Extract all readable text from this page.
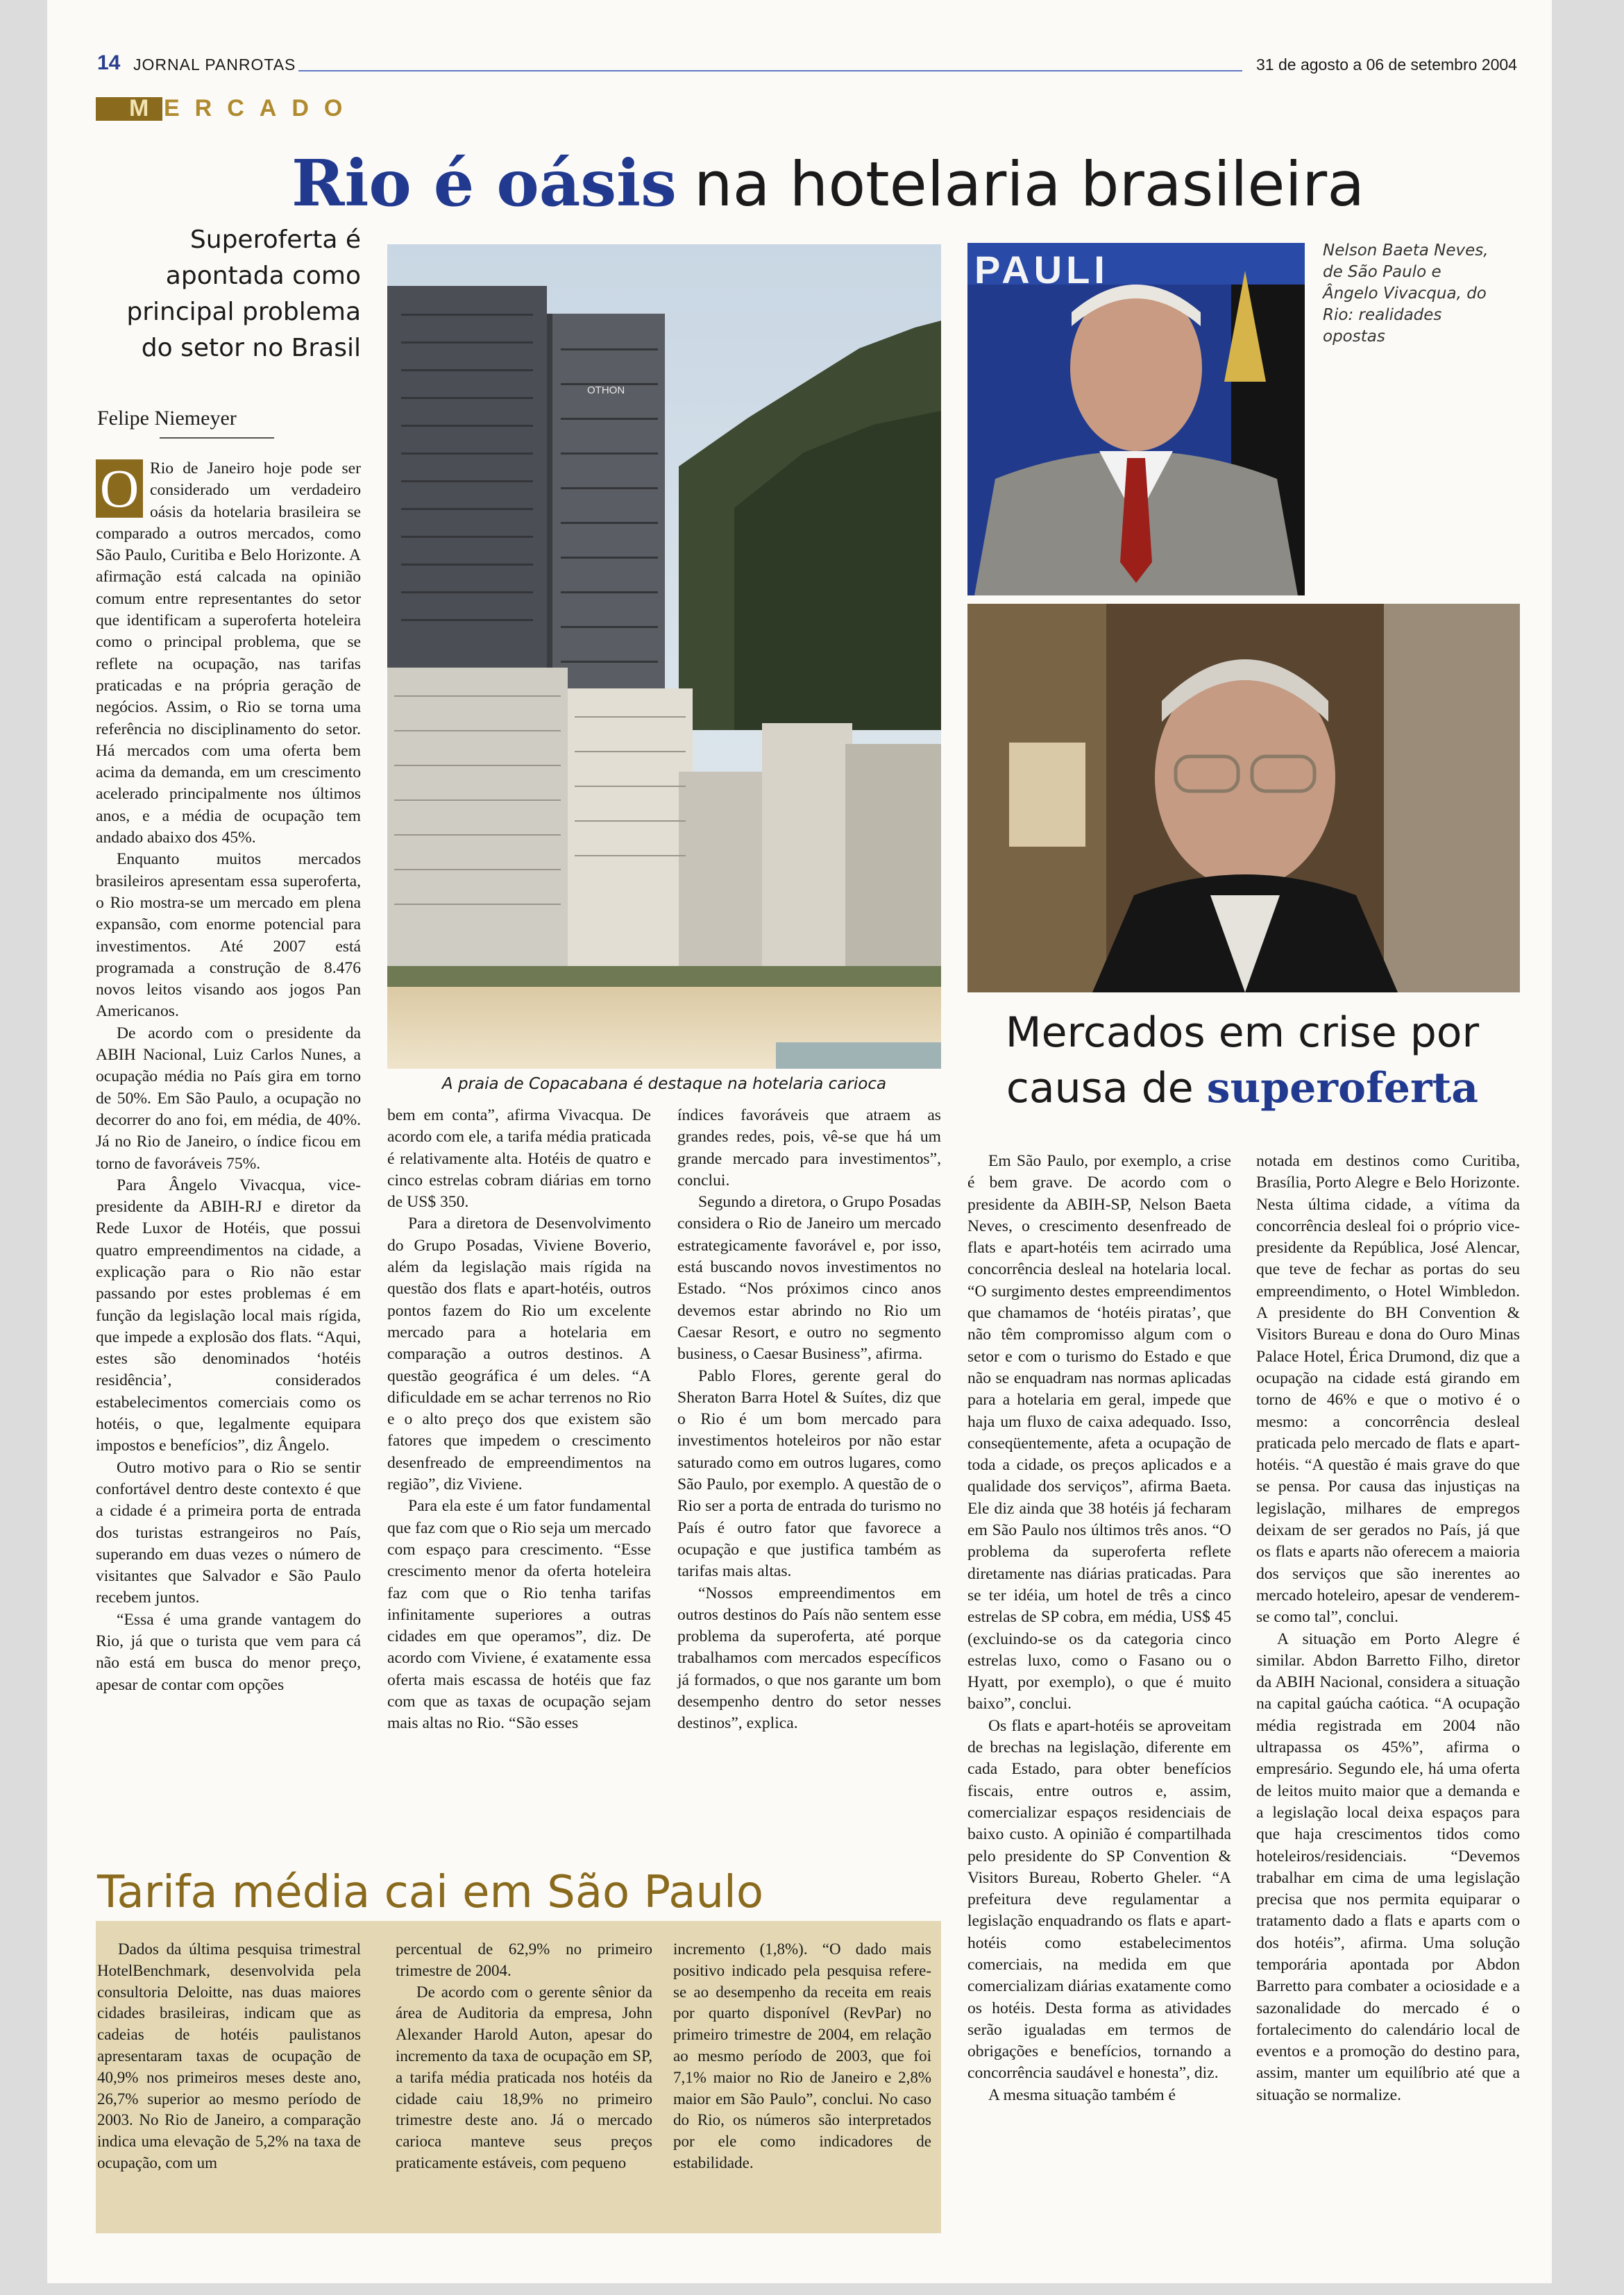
14 JORNAL PANROTAS	31 de agosto a 06 de setembro 2004
M ERCADO
Rio é oásis na hotelaria brasileira
Superoferta é apontada como principal problema do setor no Brasil
Felipe Niemeyer
O Rio de Janeiro hoje pode ser considerado um verdadeiro oásis da hotelaria brasileira se comparado a outros mercados, como São Paulo, Curitiba e Belo Horizonte. A afirmação está calcada na opinião comum entre representantes do setor que identificam a superoferta hoteleira como o principal problema, que se reflete na ocupação, nas tarifas praticadas e na própria geração de negócios. Assim, o Rio se torna uma referência no disciplinamento do setor. Há mercados com uma oferta bem acima da demanda, em um crescimento acelerado principalmente nos últimos anos, e a média de ocupação tem andado abaixo dos 45%.

Enquanto muitos mercados brasileiros apresentam essa superoferta, o Rio mostra-se um mercado em plena expansão, com enorme potencial para investimentos. Até 2007 está programada a construção de 8.476 novos leitos visando aos jogos Pan Americanos.

De acordo com o presidente da ABIH Nacional, Luiz Carlos Nunes, a ocupação média no País gira em torno de 50%. Em São Paulo, a ocupação no decorrer do ano foi, em média, de 40%. Já no Rio de Janeiro, o índice ficou em torno de favoráveis 75%.

Para Ângelo Vivacqua, vice-presidente da ABIH-RJ e diretor da Rede Luxor de Hotéis, que possui quatro empreendimentos na cidade, a explicação para o Rio não estar passando por estes problemas é em função da legislação local mais rígida, que impede a explosão dos flats. “Aqui, estes são denominados ‘hotéis residência’, considerados estabelecimentos comerciais como os hotéis, o que, legalmente equipara impostos e benefícios”, diz Ângelo.

Outro motivo para o Rio se sentir confortável dentro deste contexto é que a cidade é a primeira porta de entrada dos turistas estrangeiros no País, superando em duas vezes o número de visitantes que Salvador e São Paulo recebem juntos.

“Essa é uma grande vantagem do Rio, já que o turista que vem para cá não está em busca do menor preço, apesar de contar com opções

OTHON
A praia de Copacabana é destaque na hotelaria carioca

bem em conta”, afirma Vivacqua. De acordo com ele, a tarifa média praticada é relativamente alta. Hotéis de quatro e cinco estrelas cobram diárias em torno de US$ 350.

Para a diretora de Desenvolvimento do Grupo Posadas, Viviene Boverio, além da legislação mais rígida na questão dos flats e apart-hotéis, outros pontos fazem do Rio um excelente mercado para a hotelaria em comparação a outros destinos. A questão geográfica é um deles. “A dificuldade em se achar terrenos no Rio e o alto preço dos que existem são fatores que impedem o crescimento desenfreado de empreendimentos na região”, diz Viviene.

Para ela este é um fator fundamental que faz com que o Rio seja um mercado com espaço para crescimento. “Esse crescimento menor da oferta hoteleira faz com que o Rio tenha tarifas infinitamente superiores a outras cidades em que operamos”, diz. De acordo com Viviene, é exatamente essa oferta mais escassa de hotéis que faz com que as taxas de ocupação sejam mais altas no Rio. “São esses

índices favoráveis que atraem as grandes redes, pois, vê-se que há um grande mercado para investimentos”, conclui.

Segundo a diretora, o Grupo Posadas considera o Rio de Janeiro um mercado estrategicamente favorável e, por isso, está buscando novos investimentos no Estado. “Nos próximos cinco anos devemos estar abrindo no Rio um Caesar Resort, e outro no segmento business, o Caesar Business”, afirma.

Pablo Flores, gerente geral do Sheraton Barra Hotel & Suítes, diz que o Rio é um bom mercado para investimentos hoteleiros por não estar saturado como em outros lugares, como São Paulo, por exemplo. A questão de o Rio ser a porta de entrada do turismo no País é outro fator que favorece a ocupação e que justifica também as tarifas mais altas.

“Nossos empreendimentos em outros destinos do País não sentem esse problema da superoferta, até porque trabalhamos com mercados específicos já formados, o que nos garante um bom desempenho dentro do setor nesses destinos”, explica.

PAULI	Nelson Baeta Neves, de São Paulo e Ângelo Vivacqua, do Rio: realidades opostas
Mercados em crise por
causa de superoferta

Em São Paulo, por exemplo, a crise é bem grave. De acordo com o presidente da ABIH-SP, Nelson Baeta Neves, o crescimento desenfreado de flats e apart-hotéis tem acirrado uma concorrência desleal na hotelaria local. “O surgimento destes empreendimentos que chamamos de ‘hotéis piratas’, que não têm compromisso algum com o setor e com o turismo do Estado e que não se enquadram nas normas aplicadas para a hotelaria em geral, impede que haja um fluxo de caixa adequado. Isso, conseqüentemente, afeta a ocupação de toda a cidade, os preços aplicados e a qualidade dos serviços”, afirma Baeta. Ele diz ainda que 38 hotéis já fecharam em São Paulo nos últimos três anos. “O problema da superoferta reflete diretamente nas diárias praticadas. Para se ter idéia, um hotel de três a cinco estrelas de SP cobra, em média, US$ 45 (excluindo-se os da categoria cinco estrelas luxo, como o Fasano ou o Hyatt, por exemplo), o que é muito baixo”, conclui.

Os flats e apart-hotéis se aproveitam de brechas na legislação, diferente em cada Estado, para obter benefícios fiscais, entre outros e, assim, comercializar espaços residenciais de baixo custo. A opinião é compartilhada pelo presidente do SP Convention & Visitors Bureau, Roberto Gheler. “A prefeitura deve regulamentar a legislação enquadrando os flats e apart-hotéis como estabelecimentos comerciais, na medida em que comercializam diárias exatamente como os hotéis. Desta forma as atividades serão igualadas em termos de obrigações e benefícios, tornando a concorrência saudável e honesta”, diz.

A mesma situação também é

notada em destinos como Curitiba, Brasília, Porto Alegre e Belo Horizonte. Nesta última cidade, a vítima da concorrência desleal foi o próprio vice-presidente da República, José Alencar, que teve de fechar as portas do seu empreendimento, o Hotel Wimbledon. A presidente do BH Convention & Visitors Bureau e dona do Ouro Minas Palace Hotel, Érica Drumond, diz que a ocupação na cidade está girando em torno de 46% e que o motivo é o mesmo: a concorrência desleal praticada pelo mercado de flats e apart-hotéis. “A questão é mais grave do que se pensa. Por causa das injustiças na legislação, milhares de empregos deixam de ser gerados no País, já que os flats e aparts não oferecem a maioria dos serviços que são inerentes ao mercado hoteleiro, apesar de venderem-se como tal”, conclui.

A situação em Porto Alegre é similar. Abdon Barretto Filho, diretor da ABIH Nacional, considera a situação na capital gaúcha caótica. “A ocupação média registrada em 2004 não ultrapassa os 45%”, afirma o empresário. Segundo ele, há uma oferta de leitos muito maior que a demanda e a legislação local deixa espaços para que haja crescimentos tidos como hoteleiros/residenciais. “Devemos trabalhar em cima de uma legislação precisa que nos permita equiparar o tratamento dado a flats e aparts com o dos hotéis”, afirma. Uma solução temporária apontada por Abdon Barretto para combater a ociosidade e a sazonalidade do mercado é o fortalecimento do calendário local de eventos e a promoção do destino para, assim, manter um equilíbrio até que a situação se normalize.

Tarifa média cai em São Paulo

Dados da última pesquisa trimestral HotelBenchmark, desenvolvida pela consultoria Deloitte, nas duas maiores cidades brasileiras, indicam que as cadeias de hotéis paulistanos apresentaram taxas de ocupação de 40,9% nos primeiros meses deste ano, 26,7% superior ao mesmo período de 2003. No Rio de Janeiro, a comparação indica uma elevação de 5,2% na taxa de ocupação, com um

percentual de 62,9% no primeiro trimestre de 2004.

De acordo com o gerente sênior da área de Auditoria da empresa, John Alexander Harold Auton, apesar do incremento da taxa de ocupação em SP, a tarifa média praticada nos hotéis da cidade caiu 18,9% no primeiro trimestre deste ano. Já o mercado carioca manteve seus preços praticamente estáveis, com pequeno

incremento (1,8%). “O dado mais positivo indicado pela pesquisa refere-se ao desempenho da receita em reais por quarto disponível (RevPar) no primeiro trimestre de 2004, em relação ao mesmo período de 2003, que foi 7,1% maior no Rio de Janeiro e 2,8% maior em São Paulo”, conclui. No caso do Rio, os números são interpretados por ele como indicadores de estabilidade.
